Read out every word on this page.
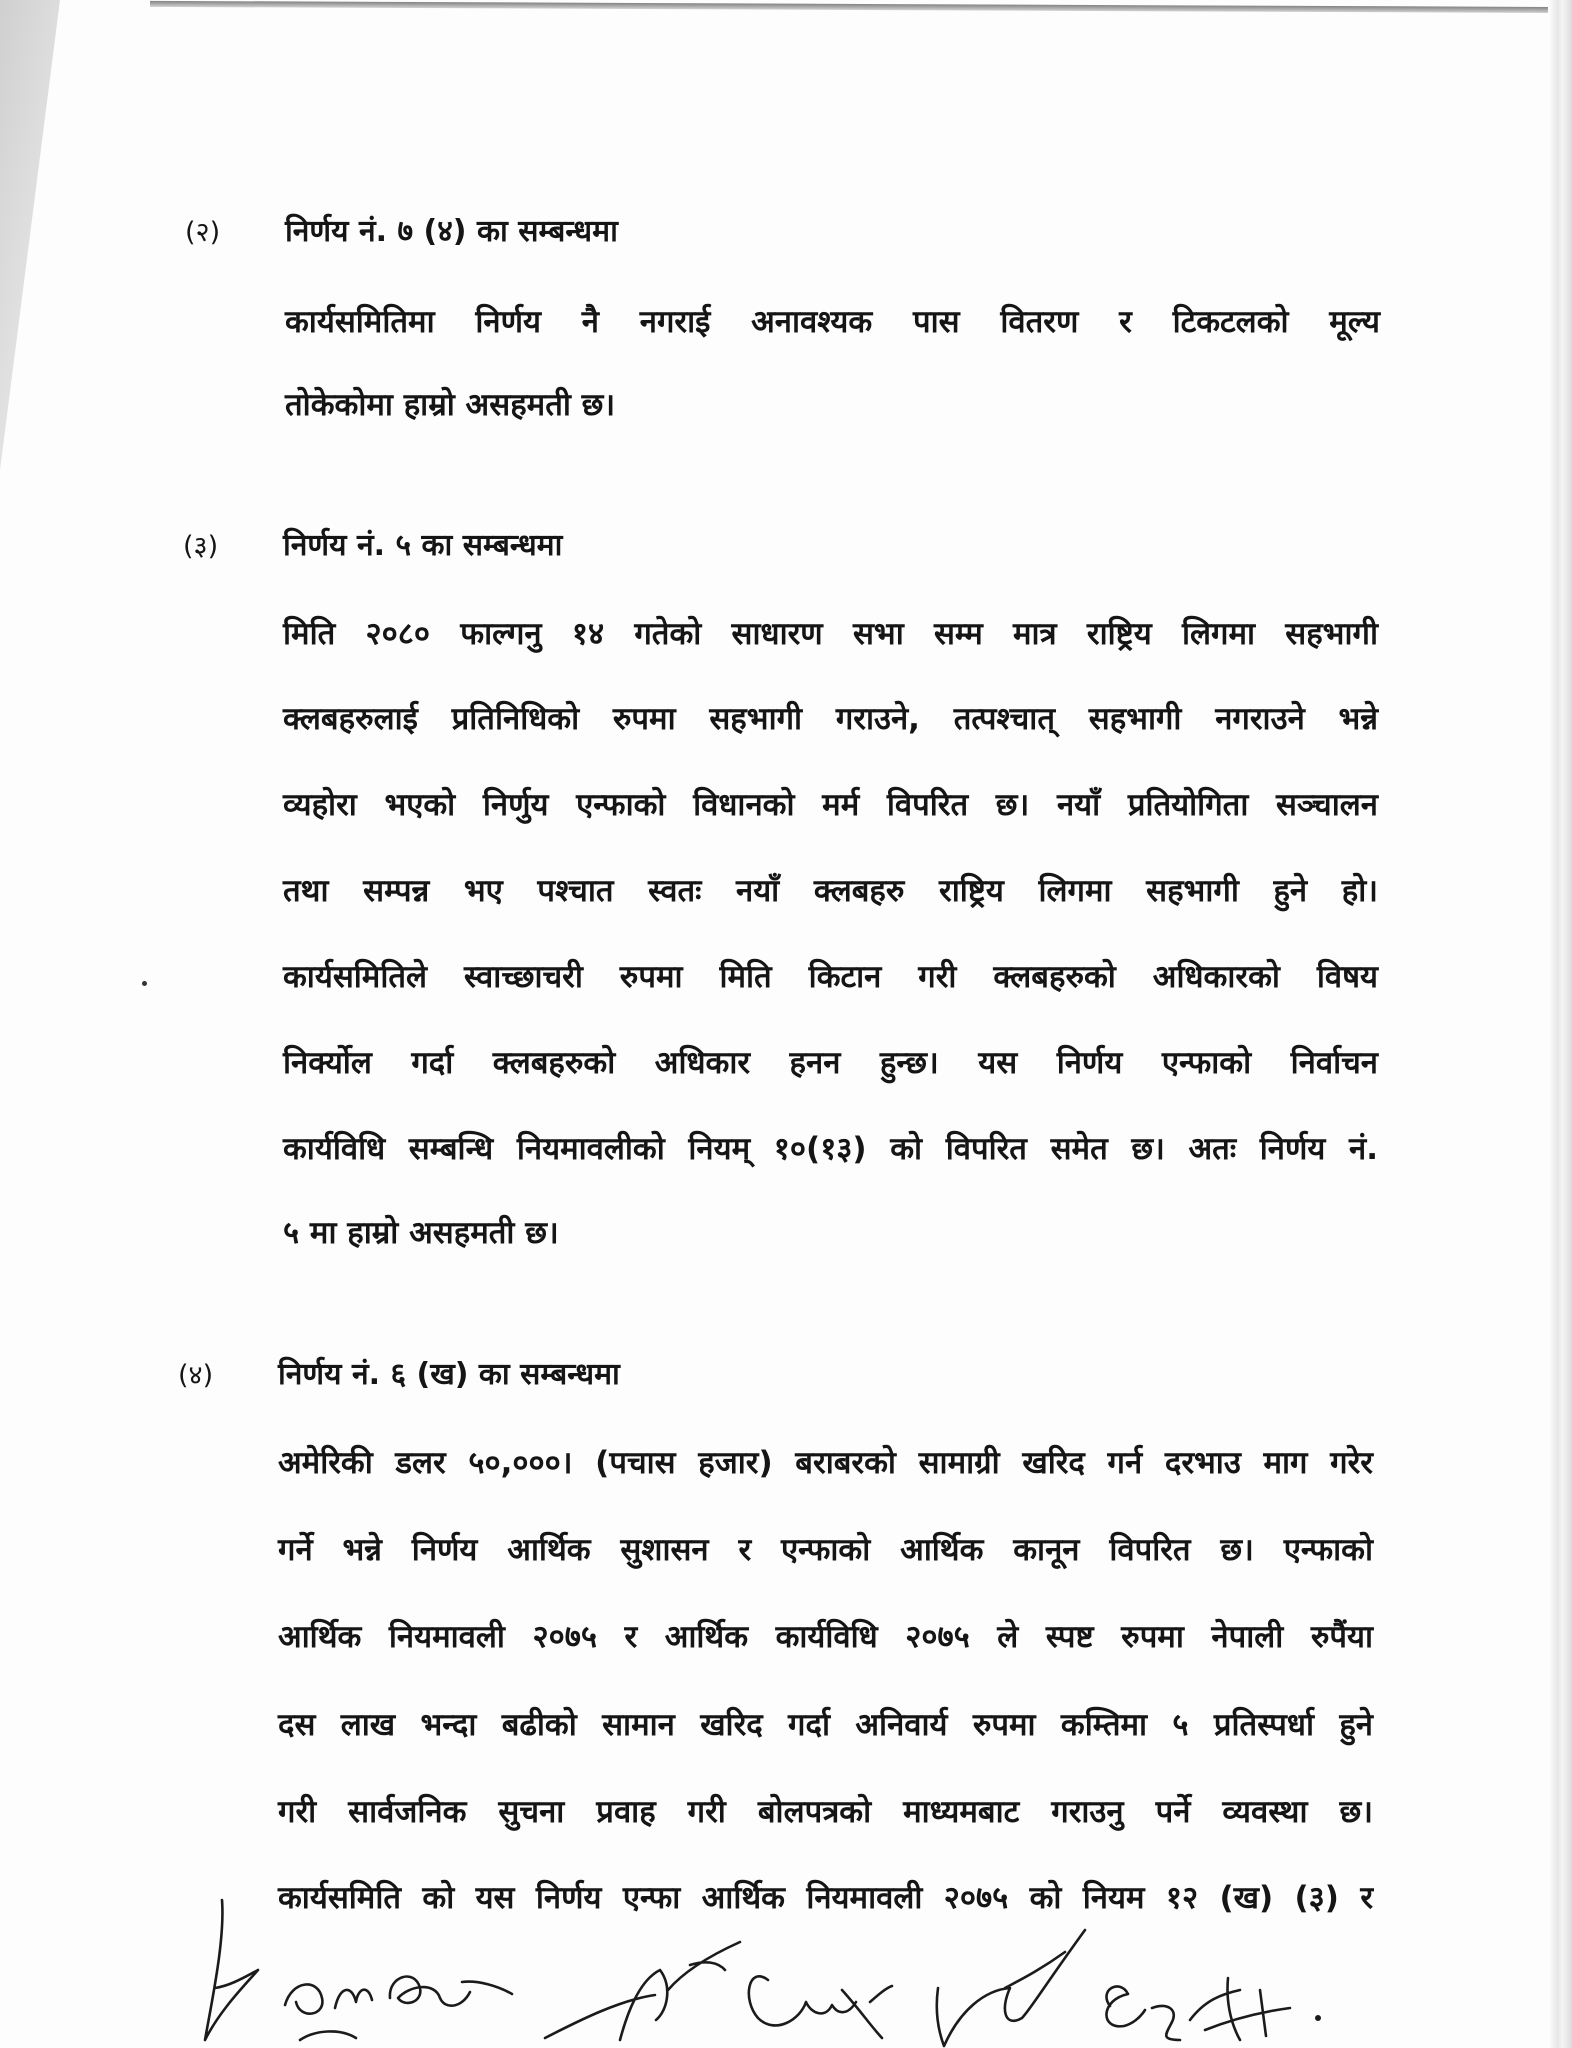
(२)	निर्णय नं. ७ (४) का सम्बन्धमा
कार्यसमितिमा निर्णय नै नगराई अनावश्यक पास वितरण र टिकटलको मूल्य
तोकेकोमा हाम्रो असहमती छ।
(३)	निर्णय नं. ५ का सम्बन्धमा
मिति २०८० फाल्गनु १४ गतेको साधारण सभा सम्म मात्र राष्ट्रिय लिगमा सहभागी
क्लबहरुलाई प्रतिनिधिको रुपमा सहभागी गराउने, तत्पश्चात् सहभागी नगराउने भन्ने
व्यहोरा भएको निर्णुय एन्फाको विधानको मर्म विपरित छ। नयाँ प्रतियोगिता सञ्चालन
तथा सम्पन्न भए पश्चात स्वतः नयाँ क्लबहरु राष्ट्रिय लिगमा सहभागी हुने हो।
कार्यसमितिले स्वाच्छाचरी रुपमा मिति किटान गरी क्लबहरुको अधिकारको विषय
निर्क्योल गर्दा क्लबहरुको अधिकार हनन हुन्छ। यस निर्णय एन्फाको निर्वाचन
कार्यविधि सम्बन्धि नियमावलीको नियम् १०(१३) को विपरित समेत छ। अतः निर्णय नं.
५ मा हाम्रो असहमती छ।
(४)	निर्णय नं. ६ (ख) का सम्बन्धमा
अमेरिकी डलर ५०,०००। (पचास हजार) बराबरको सामाग्री खरिद गर्न दरभाउ माग गरेर
गर्ने भन्ने निर्णय आर्थिक सुशासन र एन्फाको आर्थिक कानून विपरित छ। एन्फाको
आर्थिक नियमावली २०७५ र आर्थिक कार्यविधि २०७५ ले स्पष्ट रुपमा नेपाली रुपैंया
दस लाख भन्दा बढीको सामान खरिद गर्दा अनिवार्य रुपमा कम्तिमा ५ प्रतिस्पर्धा हुने
गरी सार्वजनिक सुचना प्रवाह गरी बोलपत्रको माध्यमबाट गराउनु पर्ने व्यवस्था छ।
कार्यसमिति को यस निर्णय एन्फा आर्थिक नियमावली २०७५ को नियम १२ (ख) (३) र
